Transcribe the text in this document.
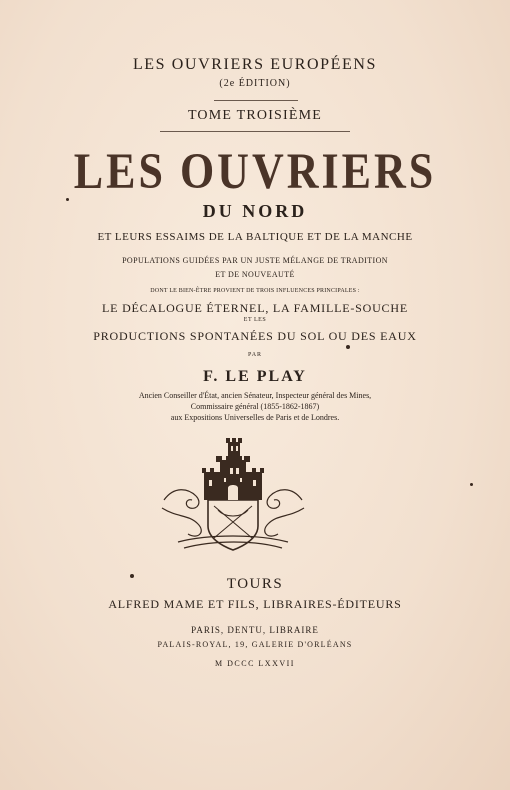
LES OUVRIERS EUROPÉENS
(2e ÉDITION)
TOME TROISIÈME
LES OUVRIERS
DU NORD
ET LEURS ESSAIMS DE LA BALTIQUE ET DE LA MANCHE
POPULATIONS GUIDÉES PAR UN JUSTE MÉLANGE DE TRADITION
ET DE NOUVEAUTÉ
DONT LE BIEN-ÊTRE PROVIENT DE TROIS INFLUENCES PRINCIPALES :
LE DÉCALOGUE ÉTERNEL, LA FAMILLE-SOUCHE
ET LES
PRODUCTIONS SPONTANÉES DU SOL OU DES EAUX
PAR
F. LE PLAY
Ancien Conseiller d'État, ancien Sénateur, Inspecteur général des Mines,
Commissaire général (1855-1862-1867)
aux Expositions Universelles de Paris et de Londres.
TOURS
ALFRED MAME ET FILS, LIBRAIRES-ÉDITEURS
PARIS, DENTU, LIBRAIRE
PALAIS-ROYAL, 19, GALERIE D'ORLÉANS
M DCCC LXXVII
